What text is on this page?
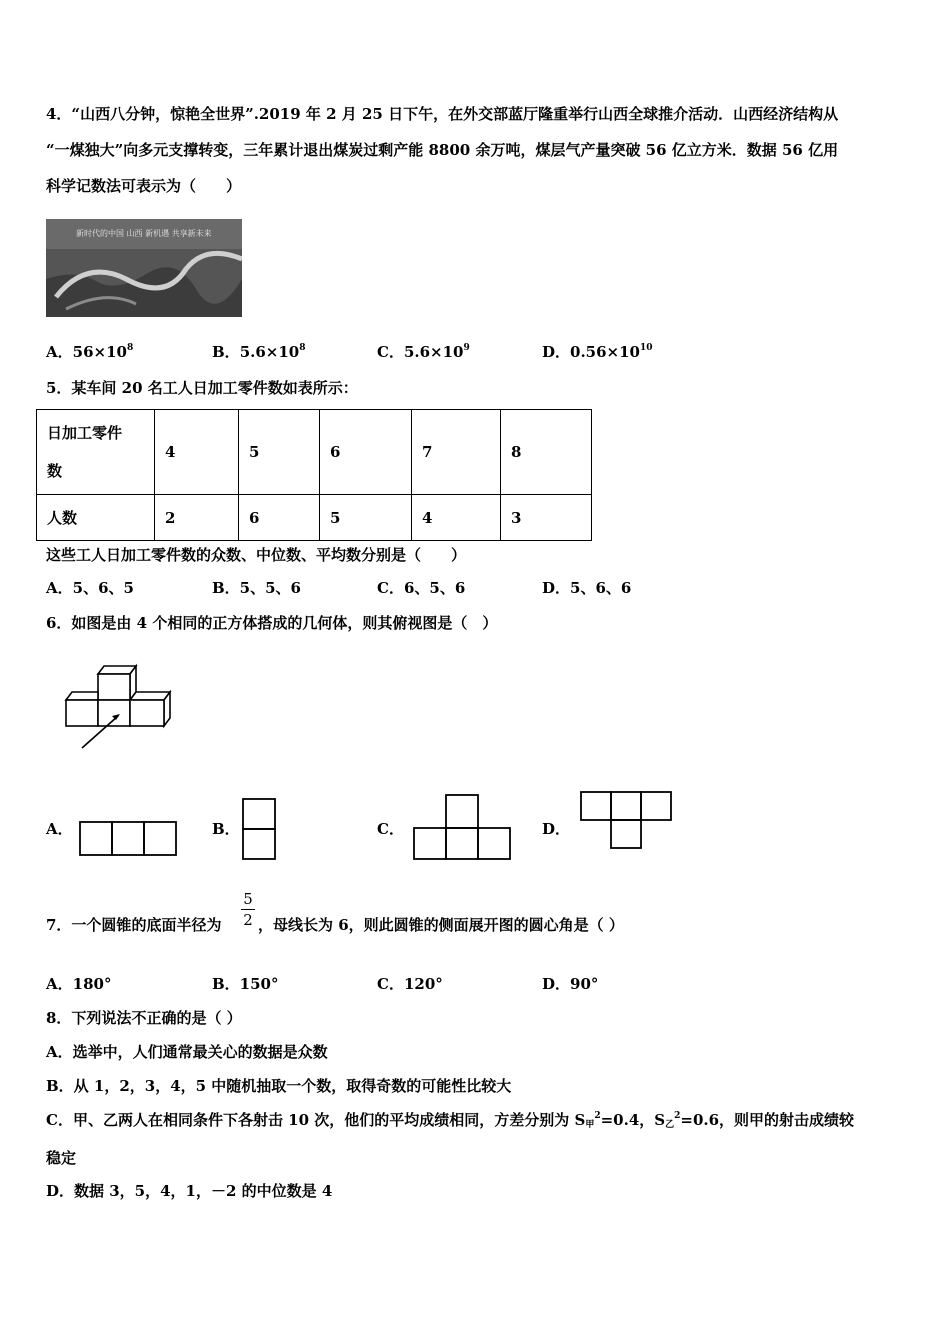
4．“山西八分钟，惊艳全世界”.2019 年 2 月 25 日下午，在外交部蓝厅隆重举行山西全球推介活动．山西经济结构从
“一煤独大”向多元支撑转变，三年累计退出煤炭过剩产能 8800 余万吨，煤层气产量突破 56 亿立方米．数据 56 亿用
科学记数法可表示为（　　）
新时代的中国 山西 新机遇 共享新未来
A．$56\times 10^8$	B．$5.6\times 10^8$	C．$5.6\times 10^9$	D．$0.56\times 10^{10}$
5．某车间 20 名工人日加工零件数如表所示：
日加工零件
数	4	5	6	7	8
人数	2	6	5	4	3
这些工人日加工零件数的众数、中位数、平均数分别是（　　）
A．5、6、5	B．5、5、6	C．6、5、6	D．5、6、6
6．如图是由 4 个相同的正方体搭成的几何体，则其俯视图是（　）
A．	B．	C．	D．
7．一个圆锥的底面半径为
5
2 ，母线长为 6，则此圆锥的侧面展开图的圆心角是（ ）
A．180°	B．150°	C．120°	D．90°
8．下列说法不正确的是（ ）
A．选举中，人们通常最关心的数据是众数
B．从 1，2，3，4，5 中随机抽取一个数，取得奇数的可能性比较大
C．甲、乙两人在相同条件下各射击 10 次，他们的平均成绩相同，方差分别为 $S_甲^2=0.4$，$S_乙^2=0.6$，则甲的射击成绩较
稳定
D．数据 3，5，4，1，－2 的中位数是 4
